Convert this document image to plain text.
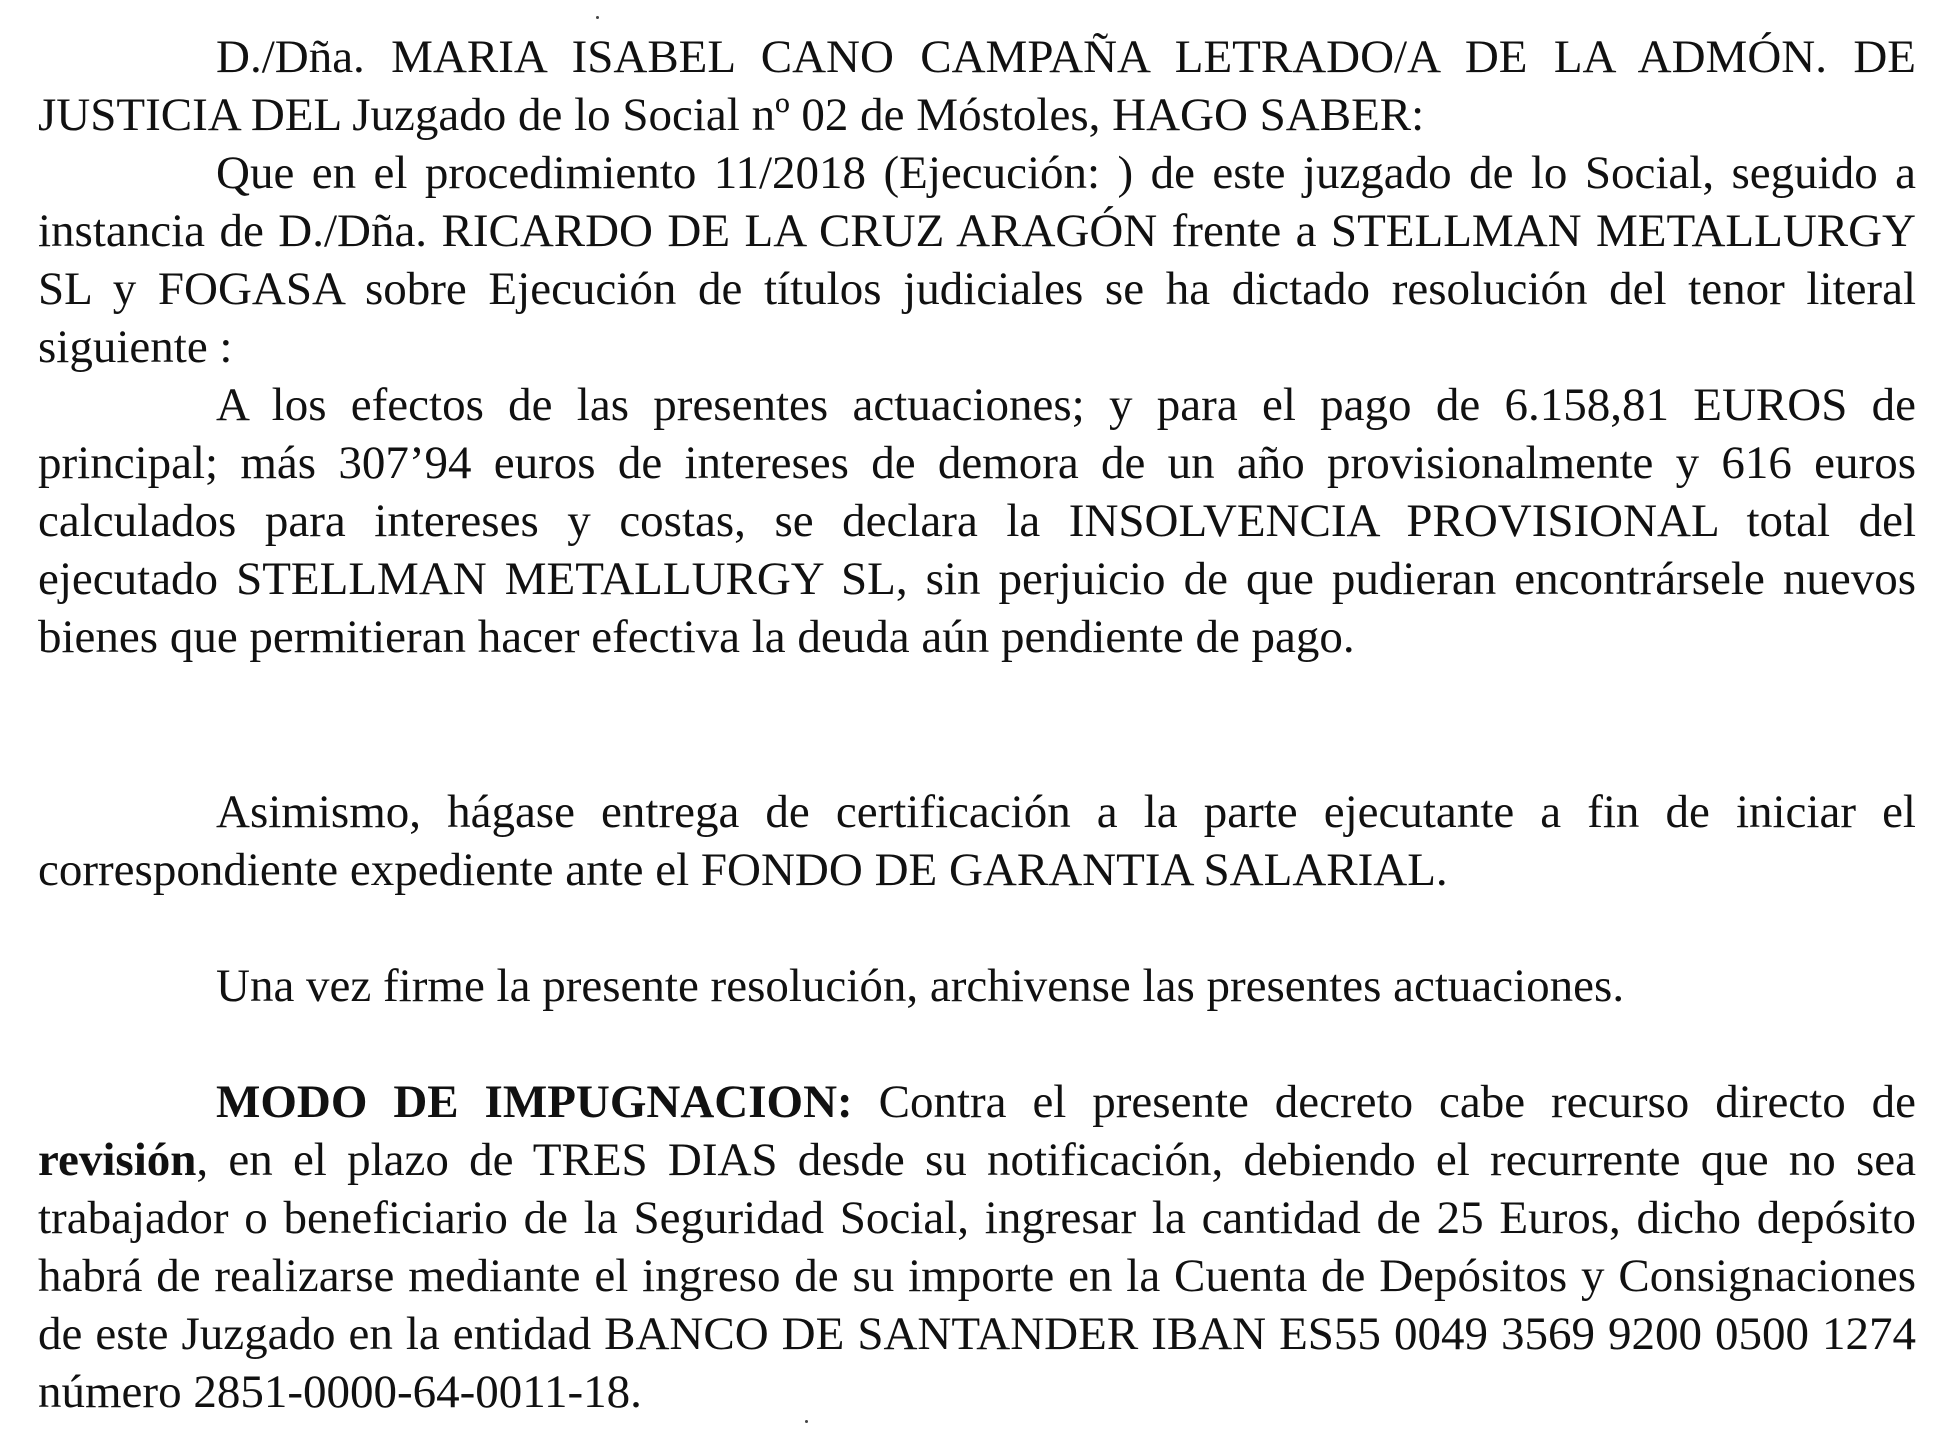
D./Dña. MARIA ISABEL CANO CAMPAÑA LETRADO/A DE LA ADMÓN. DE JUSTICIA DEL Juzgado de lo Social nº 02 de Móstoles, HAGO SABER:

Que en el procedimiento 11/2018 (Ejecución: ) de este juzgado de lo Social, seguido a instancia de D./Dña. RICARDO DE LA CRUZ ARAGÓN frente a STELLMAN METALLURGY SL y FOGASA sobre Ejecución de títulos judiciales se ha dictado resolución del tenor literal siguiente :

A los efectos de las presentes actuaciones; y para el pago de 6.158,81 EUROS de principal; más 307’94 euros de intereses de demora de un año provisionalmente y 616 euros calculados para intereses y costas, se declara la INSOLVENCIA PROVISIONAL total del ejecutado STELLMAN METALLURGY SL, sin perjuicio de que pudieran encontrársele nuevos bienes que permitieran hacer efectiva la deuda aún pendiente de pago.

Asimismo, hágase entrega de certificación a la parte ejecutante a fin de iniciar el correspondiente expediente ante el FONDO DE GARANTIA SALARIAL.

Una vez firme la presente resolución, archivense las presentes actuaciones.

MODO DE IMPUGNACION: Contra el presente decreto cabe recurso directo de revisión, en el plazo de TRES DIAS desde su notificación, debiendo el recurrente que no sea trabajador o beneficiario de la Seguridad Social, ingresar la cantidad de 25 Euros, dicho depósito habrá de realizarse mediante el ingreso de su importe en la Cuenta de Depósitos y Consignaciones de este Juzgado en la entidad BANCO DE SANTANDER IBAN ES55 0049 3569 9200 0500 1274 número 2851-0000-64-0011-18.
